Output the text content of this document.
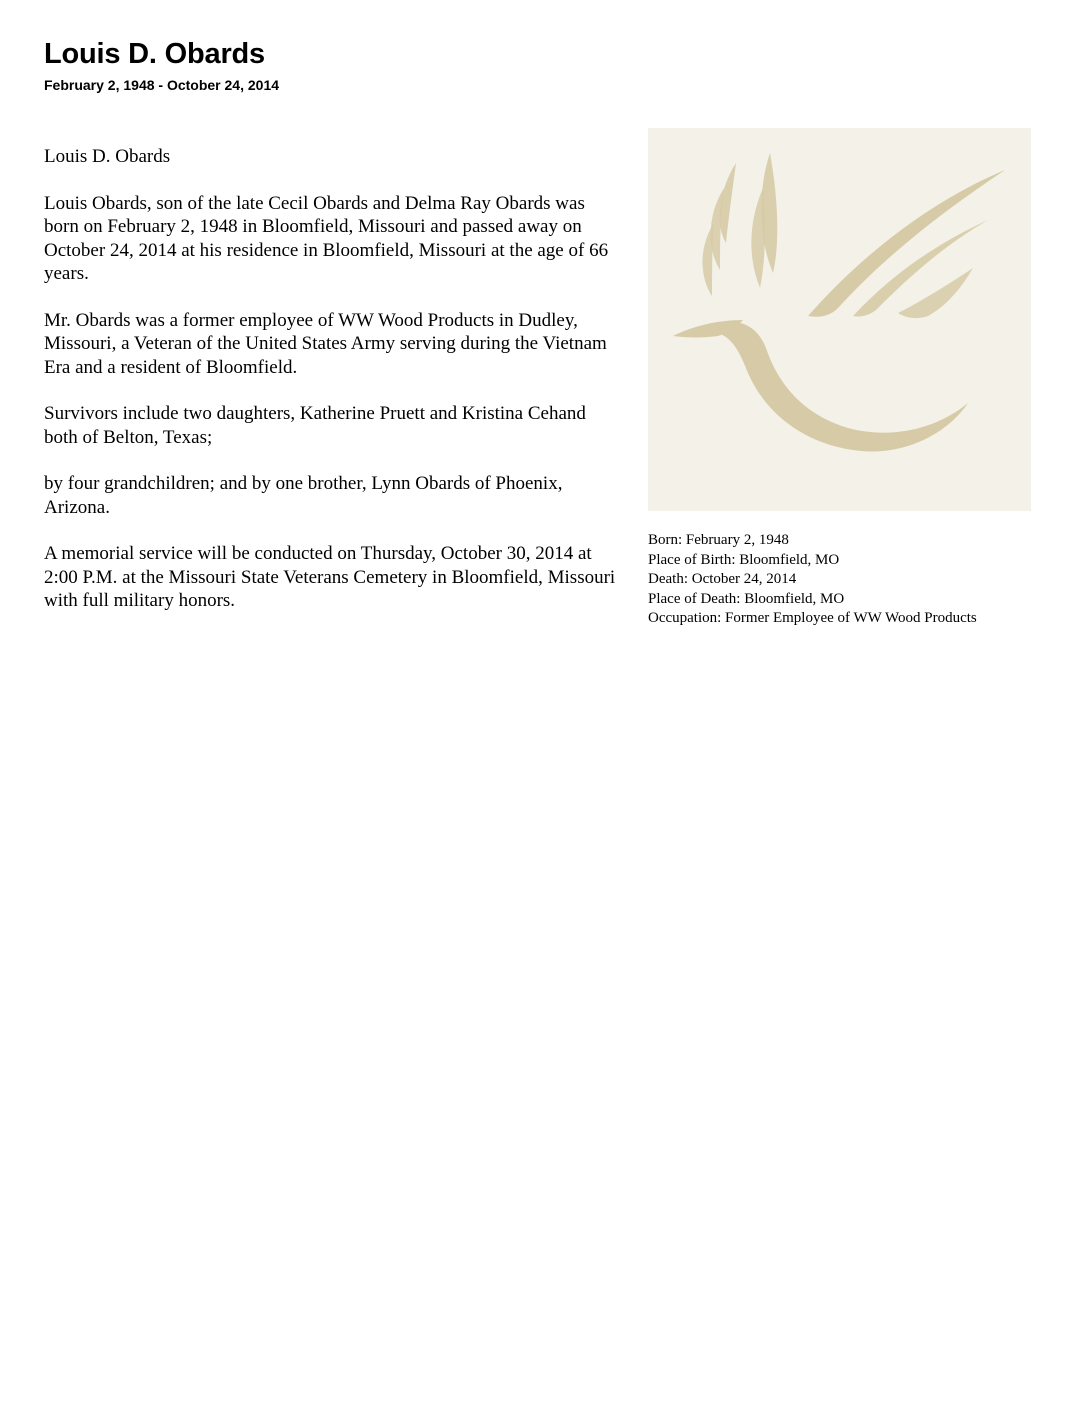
Louis D. Obards
February 2, 1948 - October 24, 2014

Louis D. Obards

Louis Obards, son of the late Cecil Obards and Delma Ray Obards was born on February 2, 1948 in Bloomfield, Missouri and passed away on October 24, 2014 at his residence in Bloomfield, Missouri at the age of 66 years.

Mr. Obards was a former employee of WW Wood Products in Dudley, Missouri, a Veteran of the United States Army serving during the Vietnam Era and a resident of Bloomfield.

Survivors include two daughters, Katherine Pruett and Kristina Cehand both of Belton, Texas;

by four grandchildren; and by one brother, Lynn Obards of Phoenix, Arizona.

A memorial service will be conducted on Thursday, October 30, 2014 at 2:00 P.M. at the Missouri State Veterans Cemetery in Bloomfield, Missouri with full military honors.

Born: February 2, 1948
Place of Birth: Bloomfield, MO
Death: October 24, 2014
Place of Death: Bloomfield, MO
Occupation: Former Employee of WW Wood Products
